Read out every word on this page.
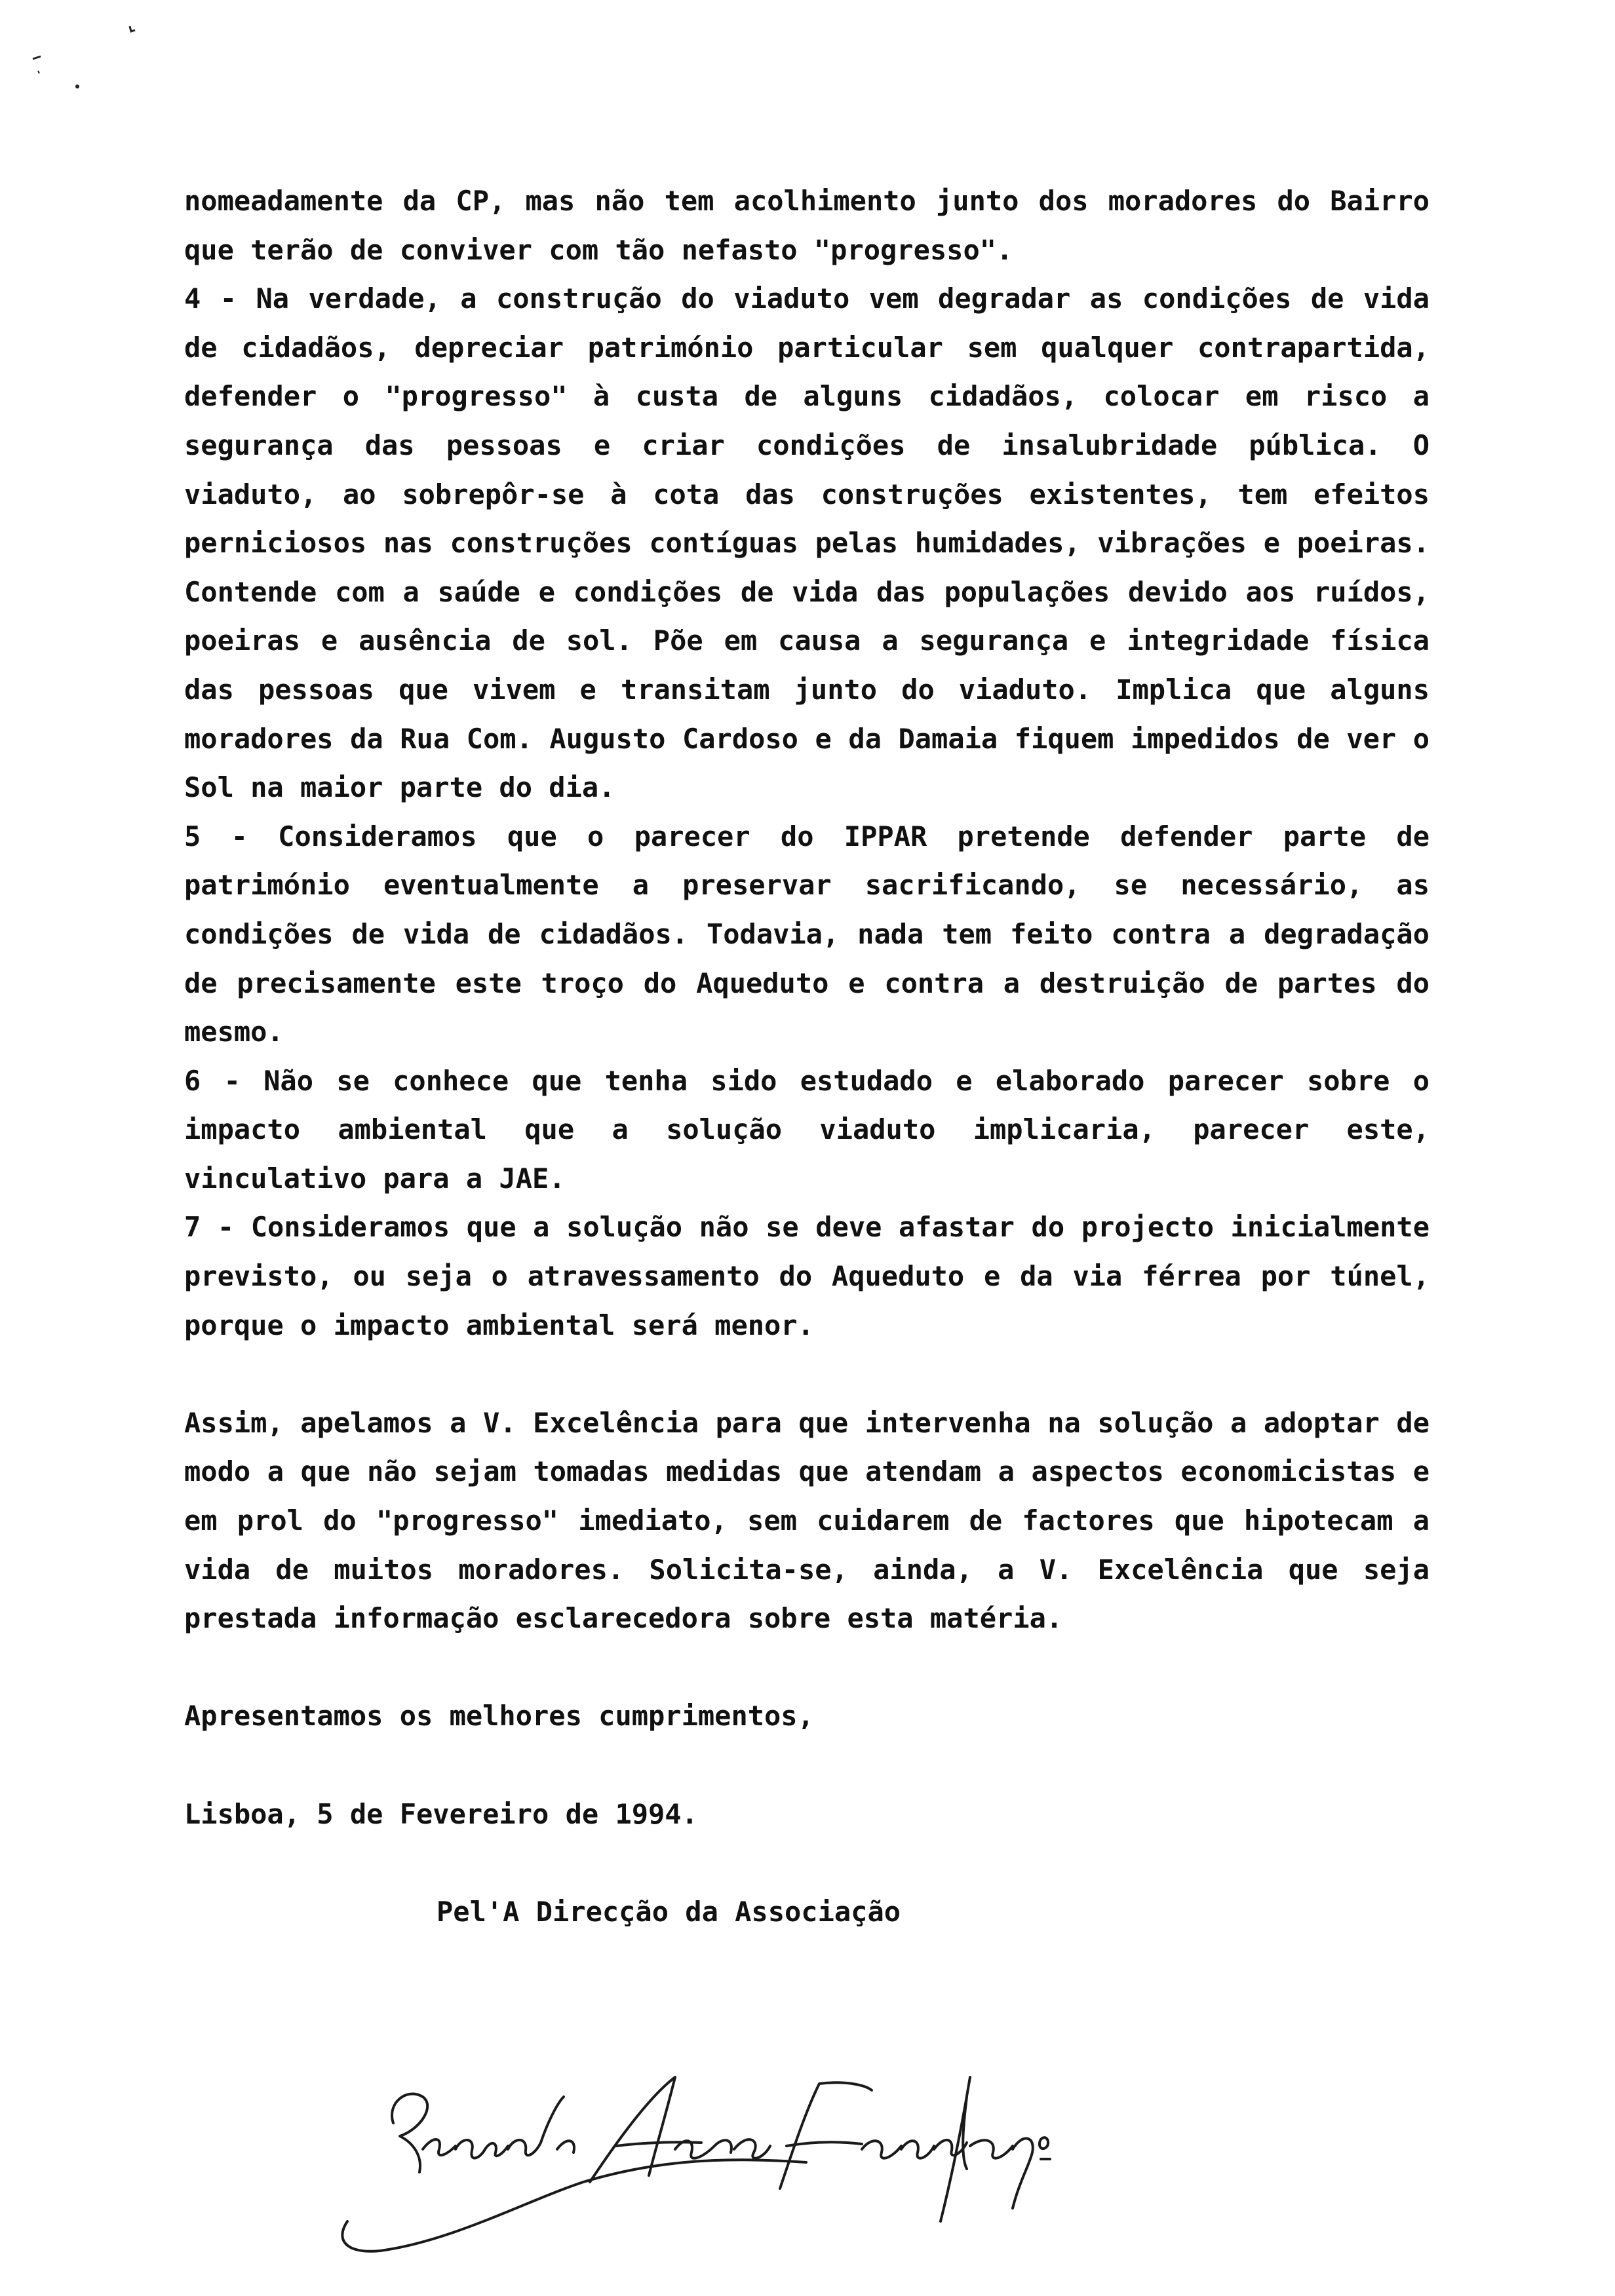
nomeadamente da CP, mas não tem acolhimento junto dos moradores do Bairro que terão de conviver com tão nefasto "progresso".

4 - Na verdade, a construção do viaduto vem degradar as condições de vida de cidadãos, depreciar património particular sem qualquer contrapartida, defender o "progresso" à custa de alguns cidadãos, colocar em risco a segurança das pessoas e criar condições de insalubridade pública. O viaduto, ao sobrepôr-se à cota das construções existentes, tem efeitos perniciosos nas construções contíguas pelas humidades, vibrações e poeiras. Contende com a saúde e condições de vida das populações devido aos ruídos, poeiras e ausência de sol. Põe em causa a segurança e integridade física das pessoas que vivem e transitam junto do viaduto. Implica que alguns moradores da Rua Com. Augusto Cardoso e da Damaia fiquem impedidos de ver o Sol na maior parte do dia.

5 - Consideramos que o parecer do IPPAR pretende defender parte de património eventualmente a preservar sacrificando, se necessário, as condições de vida de cidadãos. Todavia, nada tem feito contra a degradação de precisamente este troço do Aqueduto e contra a destruição de partes do mesmo.

6 - Não se conhece que tenha sido estudado e elaborado parecer sobre o impacto ambiental que a solução viaduto implicaria, parecer este, vinculativo para a JAE.

7 - Consideramos que a solução não se deve afastar do projecto inicialmente previsto, ou seja o atravessamento do Aqueduto e da via férrea por túnel, porque o impacto ambiental será menor.

Assim, apelamos a V. Excelência para que intervenha na solução a adoptar de modo a que não sejam tomadas medidas que atendam a aspectos economicistas e em prol do "progresso" imediato, sem cuidarem de factores que hipotecam a vida de muitos moradores. Solicita-se, ainda, a V. Excelência que seja prestada informação esclarecedora sobre esta matéria.

Apresentamos os melhores cumprimentos,

Lisboa, 5 de Fevereiro de 1994.

Pel'A Direcção da Associação
